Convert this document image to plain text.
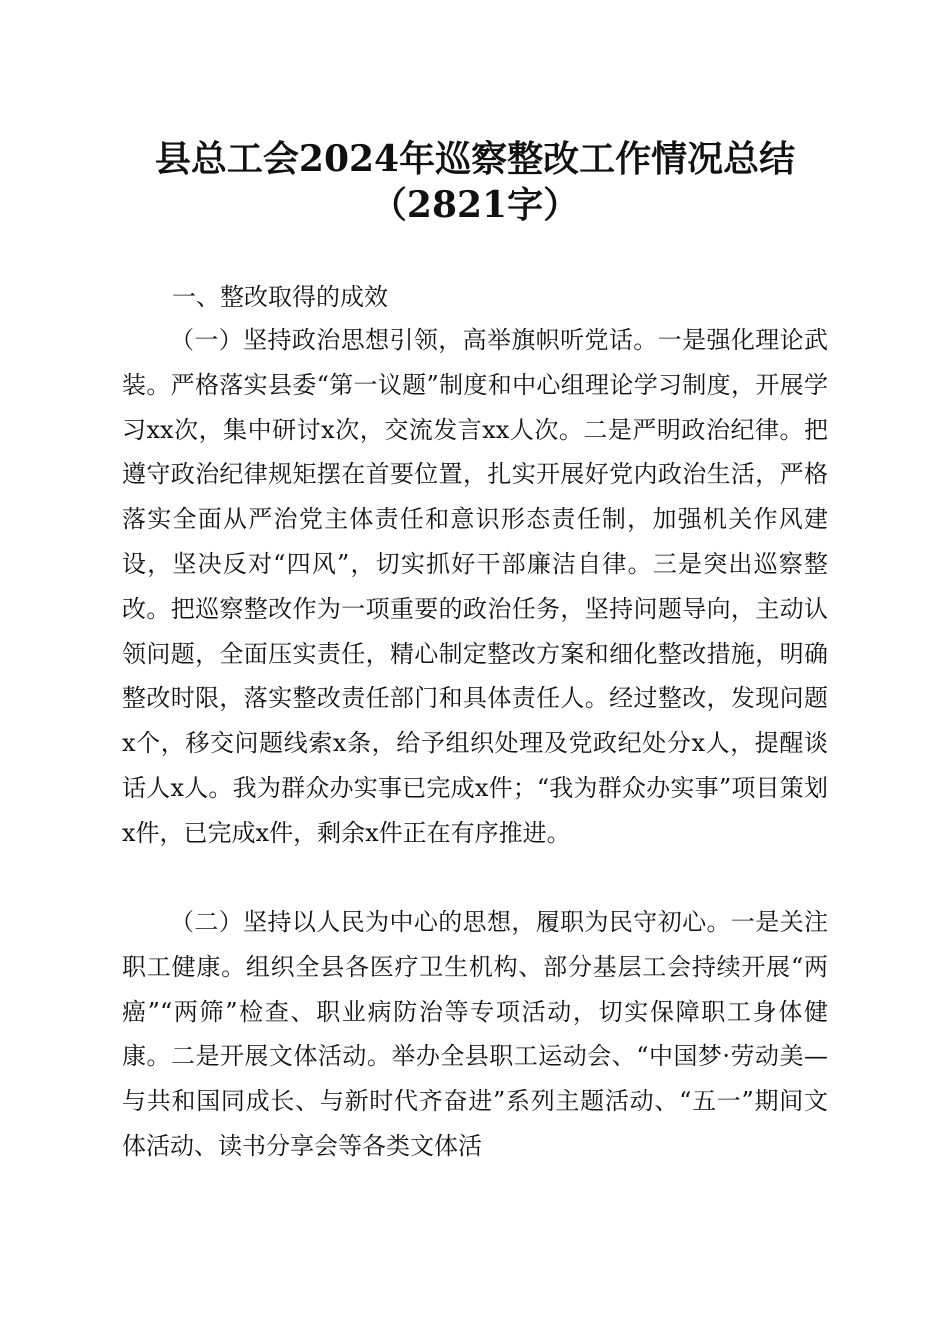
县总工会2024年巡察整改工作情况总结
（2821字）
一、整改取得的成效

（一）坚持政治思想引领，高举旗帜听党话。一是强化理论武装。严格落实县委“第一议题”制度和中心组理论学习制度，开展学习xx次，集中研讨x次，交流发言xx人次。二是严明政治纪律。把遵守政治纪律规矩摆在首要位置，扎实开展好党内政治生活，严格落实全面从严治党主体责任和意识形态责任制，加强机关作风建设，坚决反对“四风”，切实抓好干部廉洁自律。三是突出巡察整改。把巡察整改作为一项重要的政治任务，坚持问题导向，主动认领问题，全面压实责任，精心制定整改方案和细化整改措施，明确整改时限，落实整改责任部门和具体责任人。经过整改，发现问题x个，移交问题线索x条，给予组织处理及党政纪处分x人，提醒谈话人x人。我为群众办实事已完成x件；“我为群众办实事”项目策划x件，已完成x件，剩余x件正在有序推进。

（二）坚持以人民为中心的思想，履职为民守初心。一是关注职工健康。组织全县各医疗卫生机构、部分基层工会持续开展“两癌”“两筛”检查、职业病防治等专项活动，切实保障职工身体健康。二是开展文体活动。举办全县职工运动会、“中国梦·劳动美—与共和国同成长、与新时代齐奋进”系列主题活动、“五一”期间文体活动、读书分享会等各类文体活
